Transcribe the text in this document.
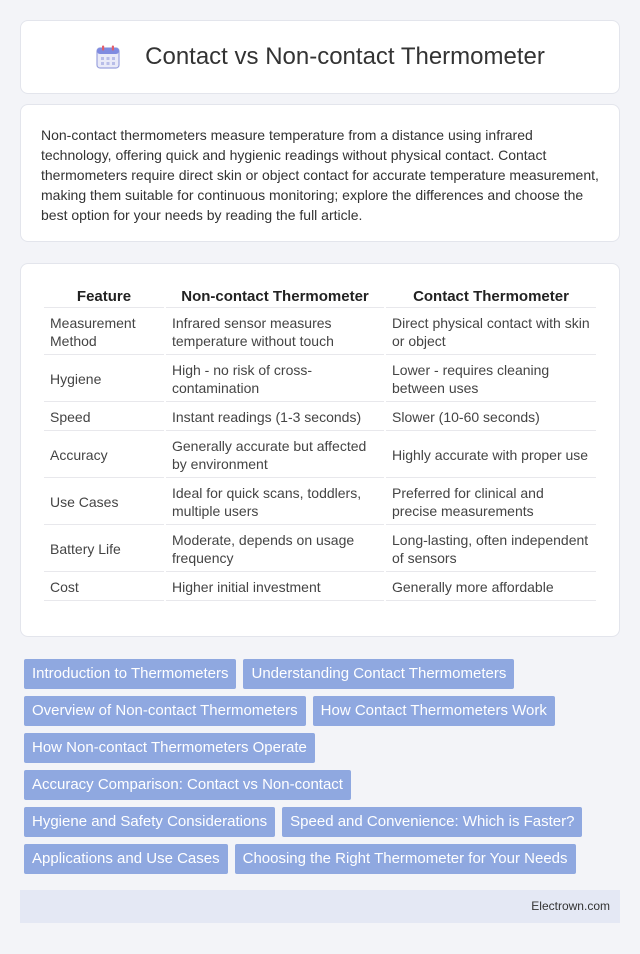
Contact vs Non-contact Thermometer

Non-contact thermometers measure temperature from a distance using infrared technology, offering quick and hygienic readings without physical contact. Contact thermometers require direct skin or object contact for accurate temperature measurement, making them suitable for continuous monitoring; explore the differences and choose the best option for your needs by reading the full article.

Feature	Non-contact Thermometer	Contact Thermometer
Measurement Method	Infrared sensor measures temperature without touch	Direct physical contact with skin or object
Hygiene	High - no risk of cross-contamination	Lower - requires cleaning between uses
Speed	Instant readings (1-3 seconds)	Slower (10-60 seconds)
Accuracy	Generally accurate but affected by environment	Highly accurate with proper use
Use Cases	Ideal for quick scans, toddlers, multiple users	Preferred for clinical and precise measurements
Battery Life	Moderate, depends on usage frequency	Long-lasting, often independent of sensors
Cost	Higher initial investment	Generally more affordable
Introduction to Thermometers	Understanding Contact Thermometers
Overview of Non-contact Thermometers	How Contact Thermometers Work
How Non-contact Thermometers Operate
Accuracy Comparison: Contact vs Non-contact
Hygiene and Safety Considerations	Speed and Convenience: Which is Faster?
Applications and Use Cases	Choosing the Right Thermometer for Your Needs
Electrown.com
